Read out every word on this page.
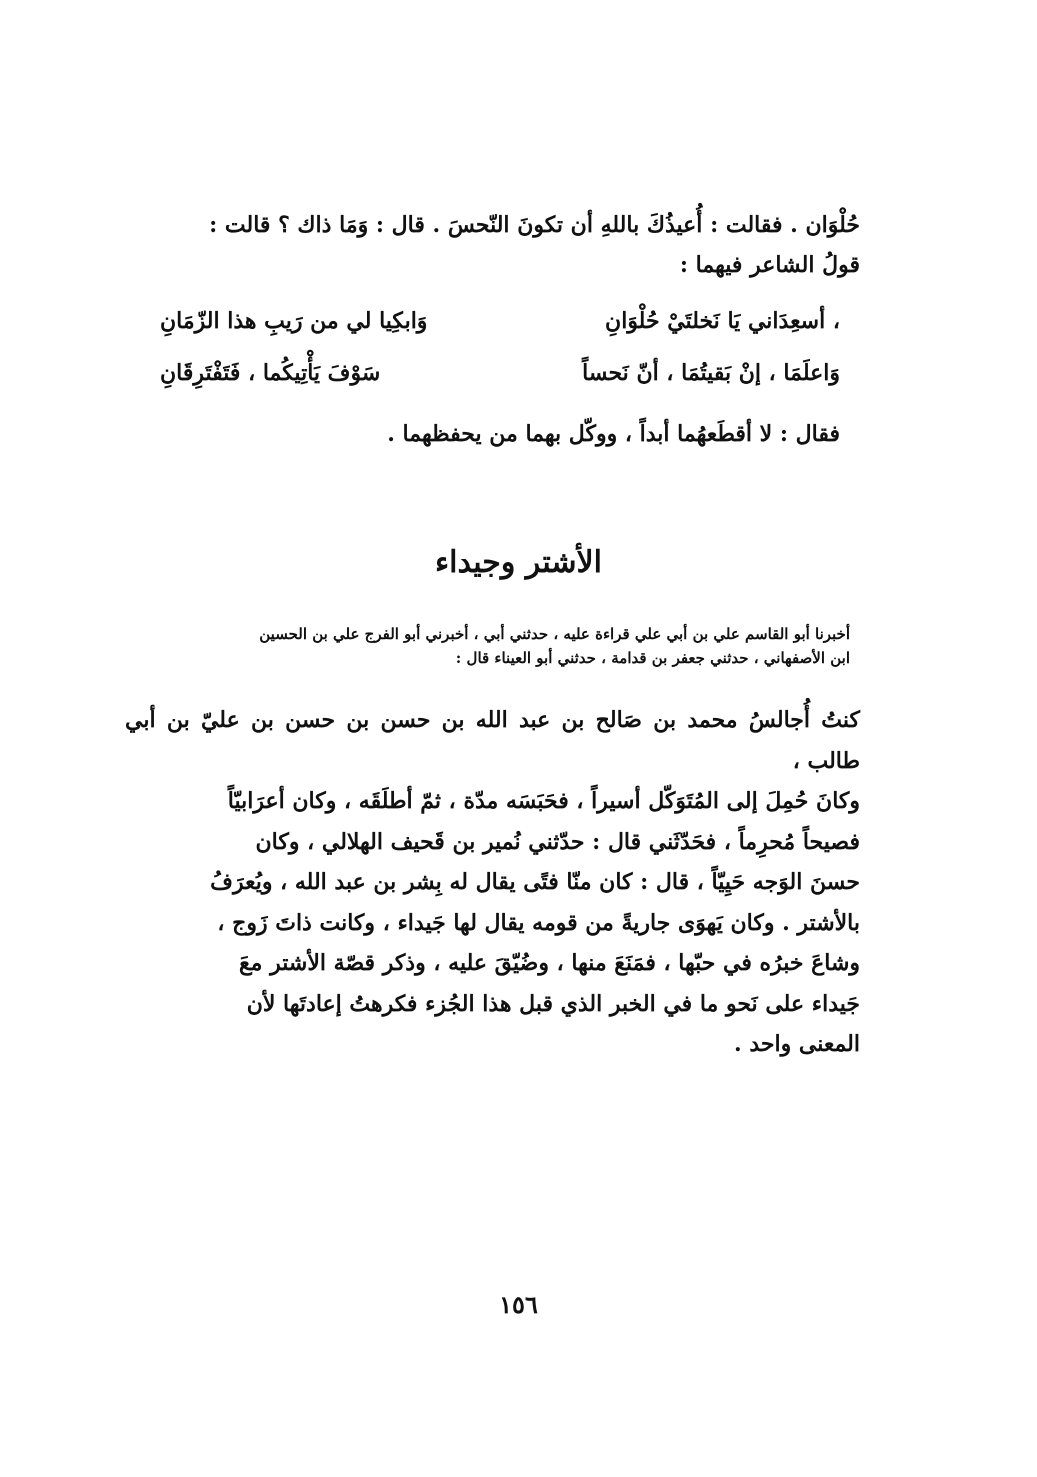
حُلْوَان . فقالت : أُعيذُكَ باللهِ أن تكونَ النّحسَ . قال : وَمَا ذاك ؟ قالت :
قولُ الشاعر فيهما :
أسعِدَاني يَا نَخلتَيْ حُلْوَانِ ،
وَابكِيا لي من رَيبِ هذا الزّمَانِ
وَاعلَمَا ، إنْ بَقيتُمَا ، أنّ نَحساً
سَوْفَ يَأْتِيكُما ، فَتَفْتَرِقَانِ
فقال : لا أقطَعهُما أبداً ، ووكّل بهما من يحفظهما .
الأشتر وجيداء
أخبرنا أبو القاسم علي بن أبي علي قراءة عليه ، حدثني أبي ، أخبرني أبو الفرج علي بن الحسين
ابن الأصفهاني ، حدثني جعفر بن قدامة ، حدثني أبو العيناء قال :
كنتُ أُجالسُ محمد بن صَالح بن عبد الله بن حسن بن حسن بن عليّ بن أبي طالب ،
وكانَ حُمِلَ إلى المُتَوَكّل أسيراً ، فحَبَسَه مدّة ، ثمّ أطلَقَه ، وكان أعرَابيّاً
فصيحاً مُحرِماً ، فحَدّثَني قال : حدّثني نُمير بن قَحيف الهلالي ، وكان
حسنَ الوَجه حَيِيّاً ، قال : كان منّا فتًى يقال له بِشر بن عبد الله ، ويُعرَفُ
بالأشتر . وكان يَهوَى جاريةً من قومه يقال لها جَيداء ، وكانت ذاتَ زَوج ،
وشاعَ خبرُه في حبّها ، فمَنَعَ منها ، وضُيّقَ عليه ، وذكر قصّة الأشتر معَ
جَيداء على نَحو ما في الخبر الذي قبل هذا الجُزء فكرهتُ إعادتَها لأن
المعنى واحد .
١٥٦
